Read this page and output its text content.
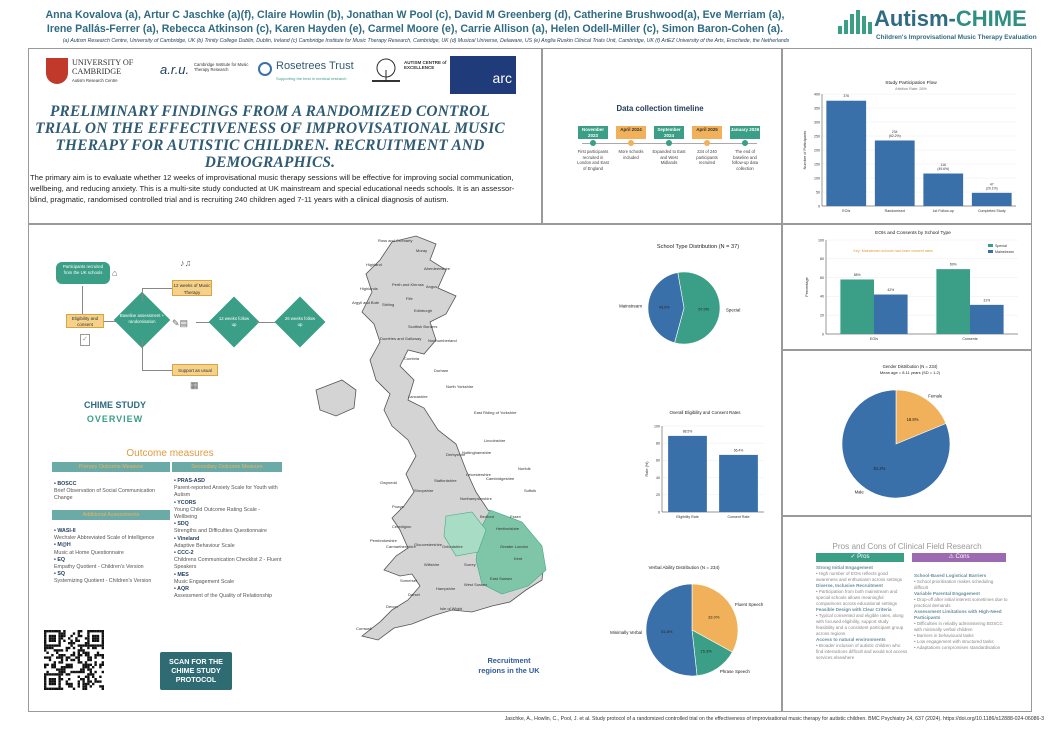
Anna Kovalova (a), Artur C Jaschke (a)(f), Claire Howlin (b), Jonathan W Pool (c), David M Greenberg (d), Catherine Brushwood(a), Eve Merriam (a),
Irene Pallás-Ferrer (a), Rebecca Atkinson (c), Karen Hayden (e), Carmel Moore (e), Carrie Allison (a), Helen Odell-Miller (c), Simon Baron-Cohen (a).
(a) Autism Research Centre, University of Cambridge, UK (b) Trinity College Dublin, Dublin, Ireland (c) Cambridge Institute for Music Therapy Research, Cambridge, UK (d) Musical Universe, Delaware, US (e) Anglia Ruskin Clinical Trials Unit, Cambridge, UK (f) ArtEZ University of the Arts, Enschede, the Netherlands
Autism-CHIME
Children's Improvisational Music Therapy Evaluation
UNIVERSITY OF CAMBRIDGE
Autism Research Centre
a.r.u. Cambridge Institute for Music Therapy Research	Rosetrees Trust
Supporting the best in medical research
AUTISM CENTRE of EXCELLENCE
arc
PRELIMINARY FINDINGS FROM A RANDOMIZED CONTROL TRIAL ON THE EFFECTIVENESS OF IMPROVISATIONAL MUSIC THERAPY FOR AUTISTIC CHILDREN. RECRUITMENT AND DEMOGRAPHICS.
The primary aim is to evaluate whether 12 weeks of improvisational music therapy sessions will be effective for improving social communication, wellbeing, and reducing anxiety. This is a multi-site study conducted at UK mainstream and special educational needs schools. It is an assessor-blind, pragmatic, randomised controlled trial and is recruiting 240 children aged 7-11 years with a clinical diagnosis of autism.
Data collection timeline
November 2023
First participants recruited in London and East of England
April 2024
More schools included
September 2024
Expanded to East and West Midlands
April 2025
234 of 240 participants recruited
January 2026
The end of baseline and follow-up data collection
Study Participation Flow
Attrition Rate: 28%
0
50
100
150
200
250
300
350
400
Number of Participants
376
234
(62.2%)
116
(49.6%)
47
(20.1%)
EOIs	Randomised	1st Follow-up	Completed Study
EOIs and Consents by School Type
Key: Mainstream schools had lower consent rates
0
20
40
60
80
100
Percentage
58%
69%
42%
31%
EOIs	Consents
Special
Mainstream
Gender Distribution (N = 234)
Mean age = 8.11 years (SD = 1.2)
18.8%
Female
81.2%
Male
School Type Distribution (N = 37)
57.0%	Special
43.0%
Mainstream
Overall Eligibility and Consent Rates
0
20
40
60
80
100
Rate (%)
88.5%
66.4%
Eligibility Rate	Consent Rate
Verbal Ability Distribution (N = 234)
33.0%
Fluent Speech
15.3%
Phrase Speech
51.8%
Minimally Verbal
Participants recruited from the UK schools	⌂
Eligibility and consent
✓
Baseline assessment + randomisation
12 weeks of Music Therapy
♪♫
Support as usual
▦
✎▤	12 weeks follow up
26 weeks follow up
CHIME STUDY
OVERVIEW
Outcome measures
Primary Outcome Measure	Secondary Outcome Measure
• BOSCC
Brief Observation of Social Communication Change
Additional Assessments
• WASI-II
Wechsler Abbreviated Scale of Intelligence
• M@H
Music at Home Questionnaire
• EQ
Empathy Quotient - Children's Version
• SQ
Systemizing Quotient - Children's Version
• PRAS-ASD
Parent-reported Anxiety Scale for Youth with Autism
• YCORS
Young Child Outcome Rating Scale - Wellbeing
• SDQ
Strengths and Difficulties Questionnaire
• Vineland
Adaptive Behaviour Scale
• CCC-2
Childrens Communication Checklist 2 - Fluent Speakers
• MES
Music Engagement Scale
• AQR
Assessment of the Quality of Relationship
SCAN FOR THE CHIME STUDY PROTOCOL
Ross and Cromarty
Moray
Highland
Aberdeenshire
Perth and Kinross Angus
Fife
Stirling
Argyll and Bute
Edinburgh
Scottish Borders
Dumfries and Galloway Northumberland
Cumbria
Durham
North Yorkshire
Lancashire
East Riding of Yorkshire
Lincolnshire
Norfolk
Suffolk
Essex
Kent
East Sussex
West Sussex
Hampshire
Dorset
Devon
Cornwall
Somerset
Wiltshire
Gloucestershire Oxfordshire
Powys
Gwynedd
Cambridgeshire
Northamptonshire
Leicestershire
Staffordshire
Shropshire
Derbyshire
Nottinghamshire
Bedford
Hertfordshire
Greater London
Surrey
Isle of Wight
Pembrokeshire
Carmarthenshire
Ceredigion
Highlands
Recruitment regions in the UK
Pros and Cons of Clinical Field Research
✓ Pros	⚠ Cons
Strong Initial Engagement
• High number of EOIs reflects good awareness and enthusiasm across settings
Diverse, Inclusive Recruitment
• Participation from both mainstream and special schools allows meaningful comparisons across educational settings
Feasible Design with Clear Criteria
• Typical consented and eligible rates, along with focused eligibility, support study feasibility and a consistent participant group across regions
Access to natural environments
• Broader inclusion of autistic children who find interactions difficult and would not access services elsewhere

School-Based Logistical Barriers
• School prioritisation makes scheduling difficult
Variable Parental Engagement
• Drop-off after initial interest sometimes due to practical demands
Assessment Limitations with High-Need Participants
• Difficulties in reliably administering BOSCC with minimally verbal children
• Barriers in behavioural tasks
• Low engagement with structured tasks
• Adaptations compromises standardisation

Jaschke, A., Howlin, C., Pool, J. et al. Study protocol of a randomized controlled trial on the effectiveness of improvisational music therapy for autistic children. BMC Psychiatry 24, 637 (2024). https://doi.org/10.1186/s12888-024-06086-3
